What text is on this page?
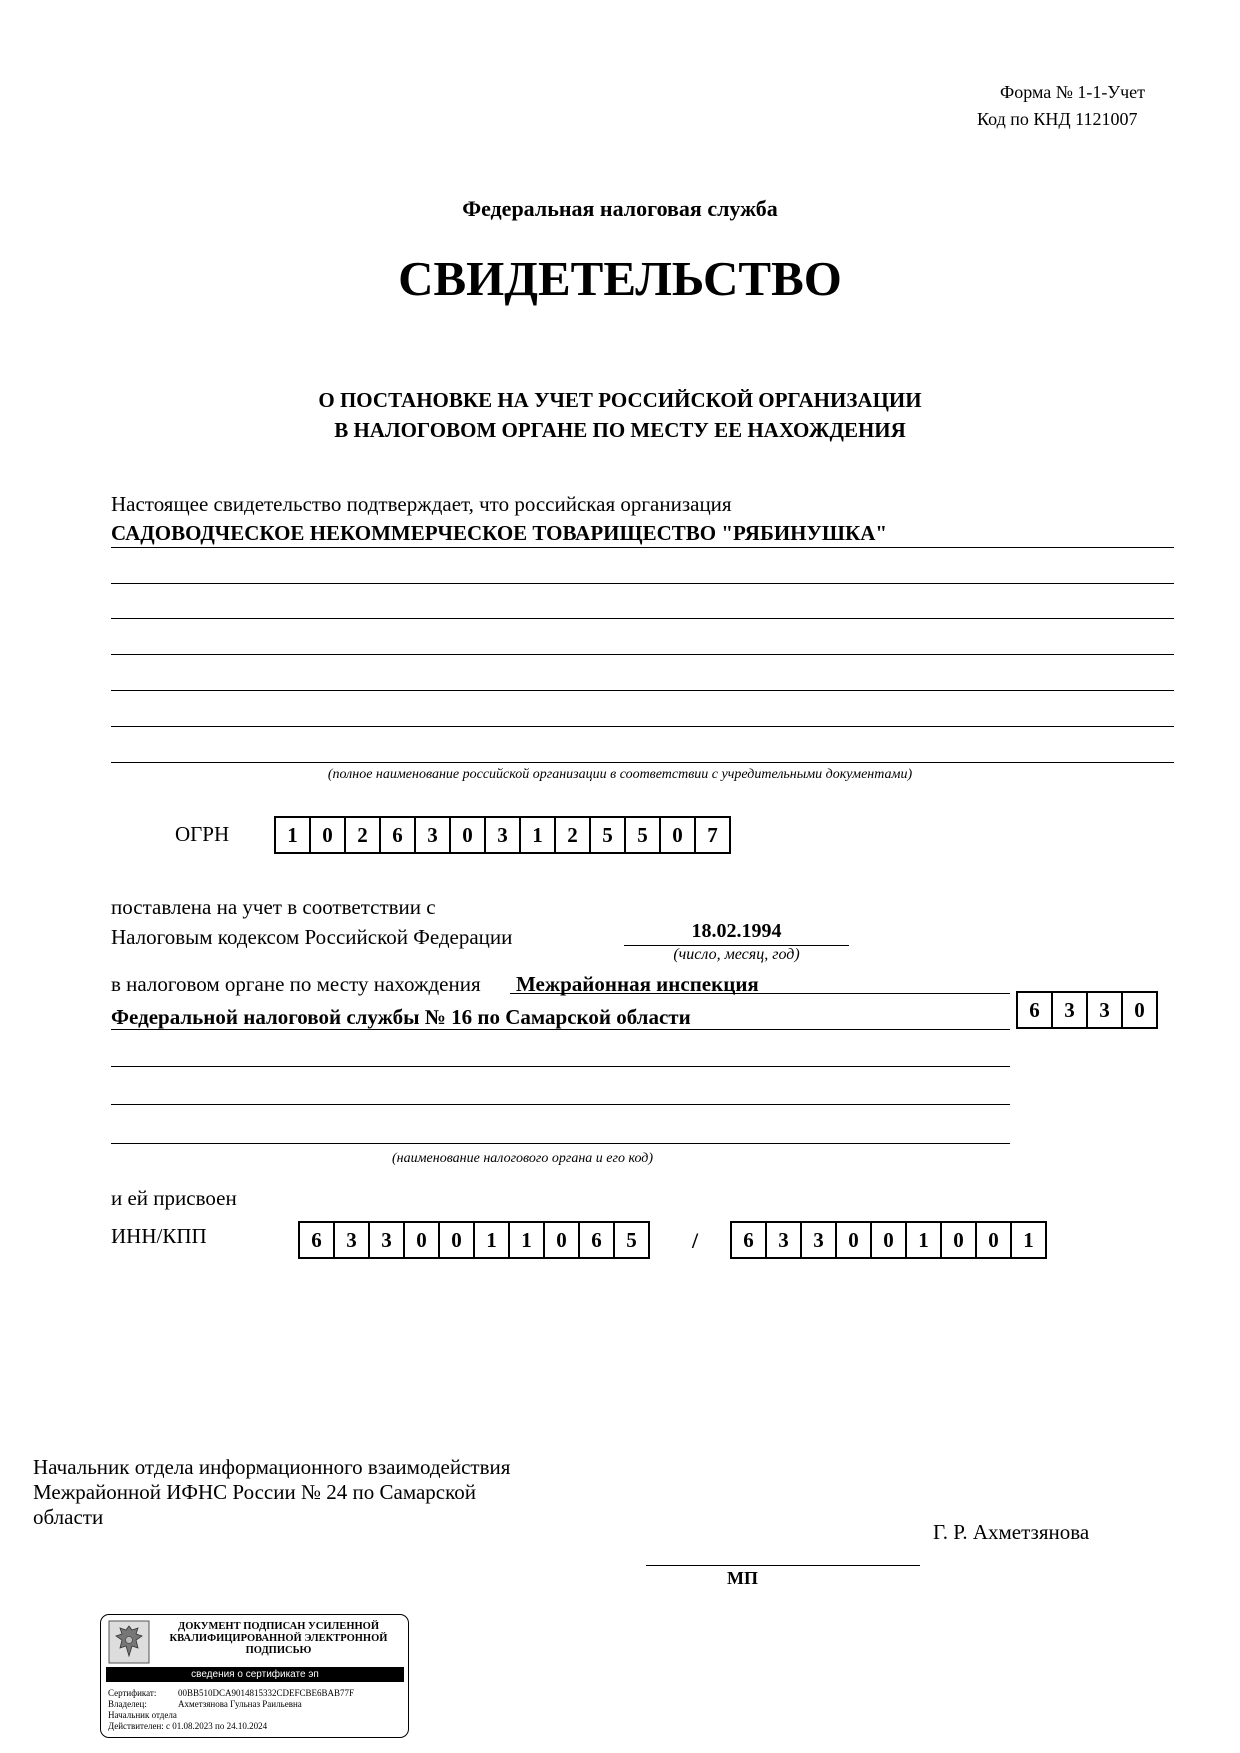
Форма № 1-1-Учет
Код по КНД 1121007
Федеральная налоговая служба
СВИДЕТЕЛЬСТВО
О ПОСТАНОВКЕ НА УЧЕТ РОССИЙСКОЙ ОРГАНИЗАЦИИ
В НАЛОГОВОМ ОРГАНЕ ПО МЕСТУ ЕЕ НАХОЖДЕНИЯ
Настоящее свидетельство подтверждает, что российская организация
САДОВОДЧЕСКОЕ НЕКОММЕРЧЕСКОЕ ТОВАРИЩЕСТВО "РЯБИНУШКА"
(полное наименование российской организации в соответствии с учредительными документами)
ОГРН	1	0	2	6	3	0	3	1	2	5	5	0	7
поставлена на учет в соответствии с
Налоговым кодексом Российской Федерации	18.02.1994
(число, месяц, год)
в налоговом органе по месту нахождения Межрайонная инспекция
Федеральной налоговой службы № 16 по Самарской области	6	3	3	0
(наименование налогового органа и его код)
и ей присвоен
ИНН/КПП	6	3	3	0	0	1	1	0	6	5	/	6	3	3	0	0	1	0	0	1
Начальник отдела информационного взаимодействия
Межрайонной ИФНС России № 24 по Самарской
области
Г. Р. Ахметзянова
МП
ДОКУМЕНТ ПОДПИСАН УСИЛЕННОЙ КВАЛИФИЦИРОВАННОЙ ЭЛЕКТРОННОЙ ПОДПИСЬЮ
сведения о сертификате эп
Сертификат: 00BB510DCA9014815332CDEFCBE6BAB77F
Владелец:	Ахметзянова Гульназ Раильевна
Начальник отдела
Действителен: с 01.08.2023 по 24.10.2024
